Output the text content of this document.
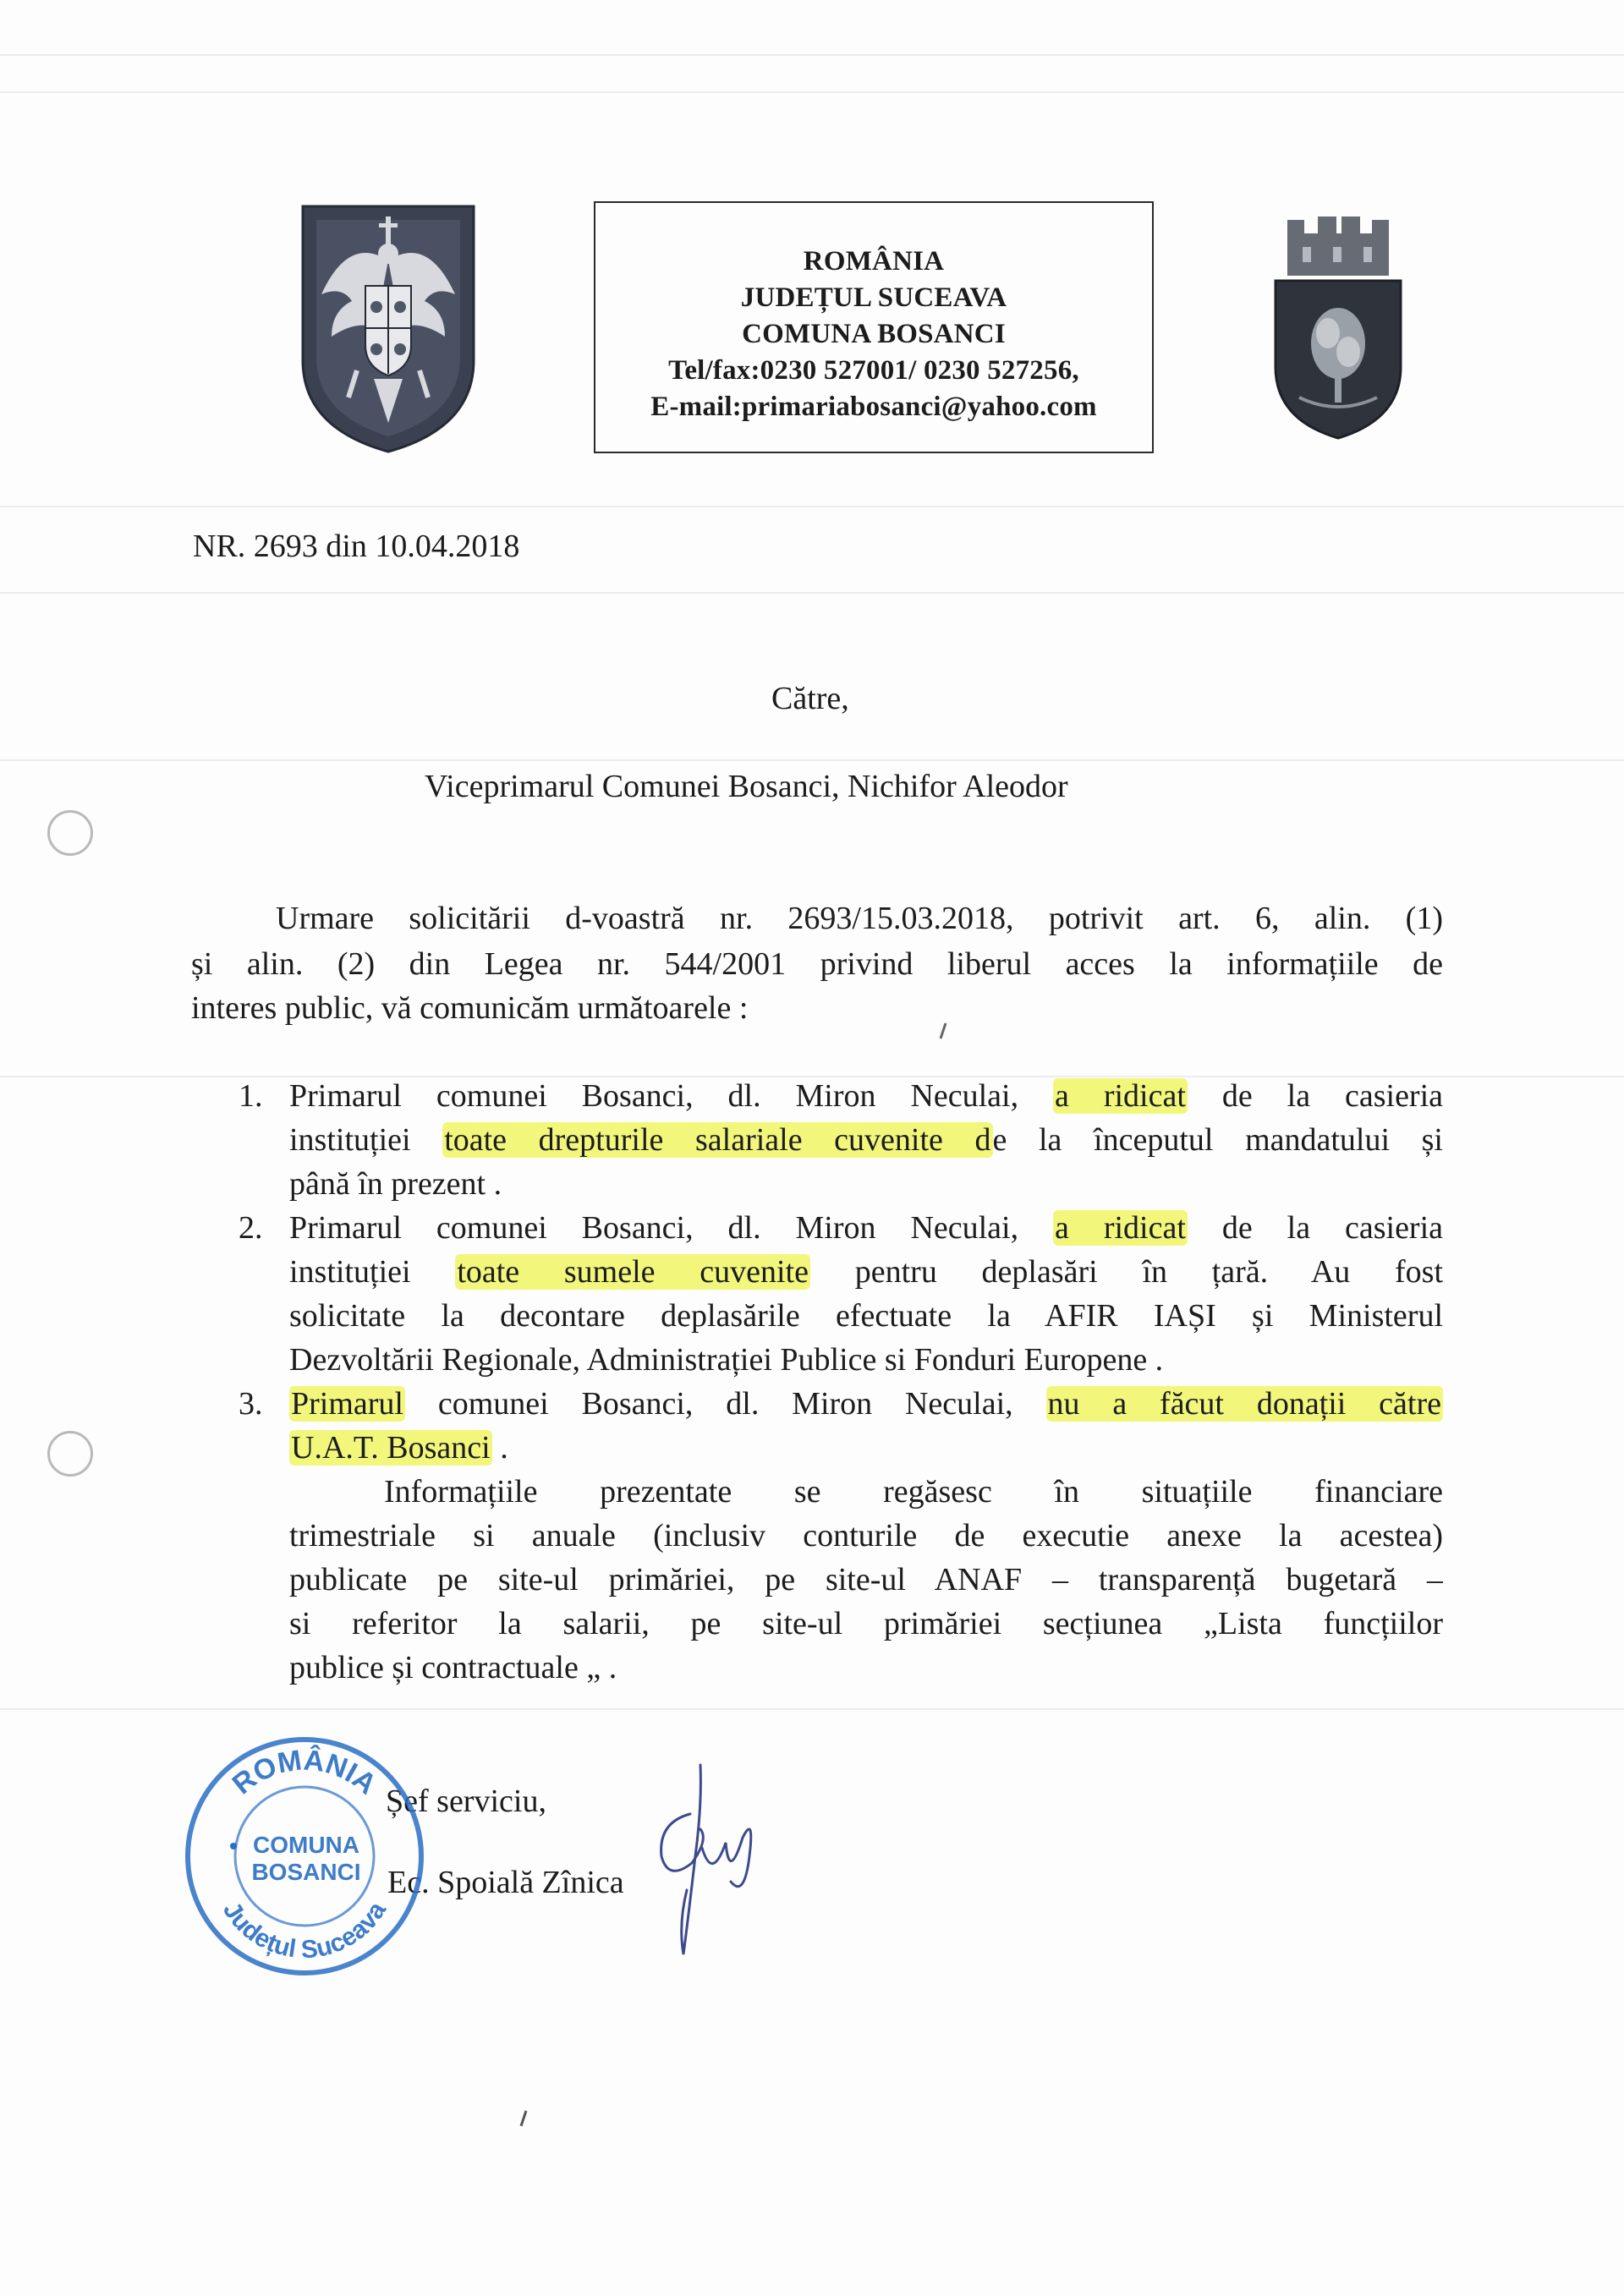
ROMÂNIA
JUDEȚUL SUCEAVA
COMUNA BOSANCI
Tel/fax:0230 527001/ 0230 527256,
E-mail:primariabosanci@yahoo.com
NR. 2693 din 10.04.2018
Către,
Viceprimarul Comunei Bosanci, Nichifor Aleodor
Urmare solicitării d-voastră nr. 2693/15.03.2018, potrivit art. 6, alin. (1)
și alin. (2) din Legea nr. 544/2001 privind liberul acces la informațiile de
interes public, vă comunicăm următoarele :
1. Primarul comunei Bosanci, dl. Miron Neculai, a ridicat de la casieria
instituției toate drepturile salariale cuvenite de la începutul mandatului și
până în prezent .
2. Primarul comunei Bosanci, dl. Miron Neculai, a ridicat de la casieria
instituției toate sumele cuvenite pentru deplasări în țară. Au fost
solicitate la decontare deplasările efectuate la AFIR IAȘI și Ministerul
Dezvoltării Regionale, Administrației Publice si Fonduri Europene .
3. Primarul comunei Bosanci, dl. Miron Neculai, nu a făcut donații către
U.A.T. Bosanci .
Informațiile prezentate se regăsesc în situațiile financiare
trimestriale si anuale (inclusiv conturile de executie anexe la acestea)
publicate pe site-ul primăriei, pe site-ul ANAF – transparență bugetară –
si referitor la salarii, pe site-ul primăriei secțiunea „Lista funcțiilor
publice și contractuale „ .
Șef serviciu,
Ec. Spoială Zînica
ROMÂNIA
Județul Suceava
COMUNA
BOSANCI
